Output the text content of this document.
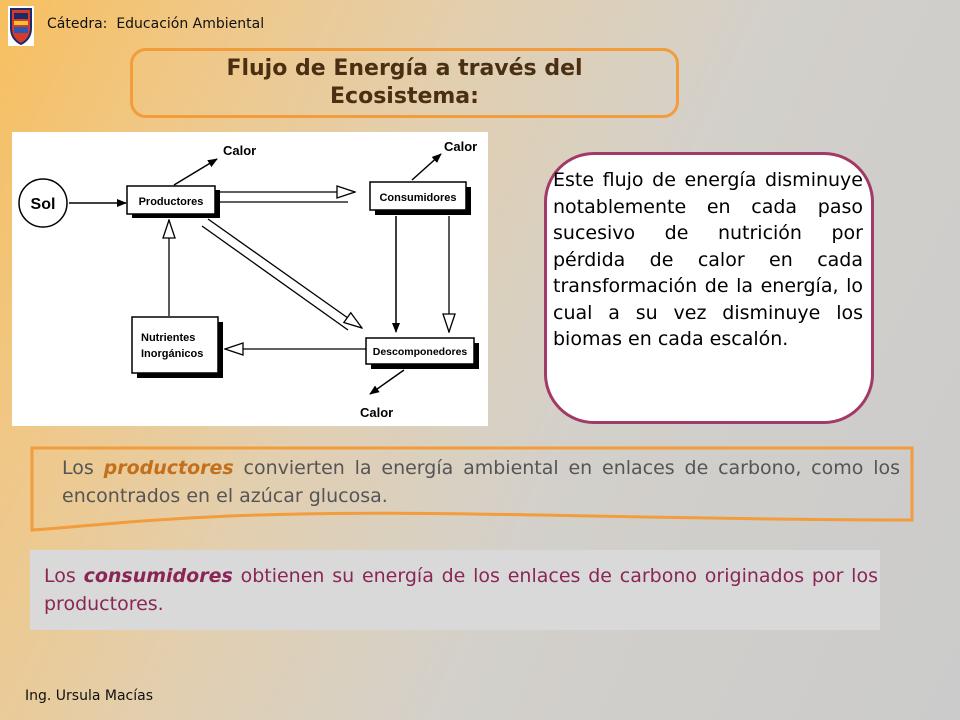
Cátedra: Educación Ambiental
Flujo de Energía a través del Ecosistema:
Sol	Productores	Consumidores
Descomponedores
Nutrientes
Inorgánicos
Calor	Calor
Calor

Este flujo de energía disminuye notablemente en cada paso sucesivo de nutrición por pérdida de calor en cada transformación de la energía, lo cual a su vez disminuye los biomas en cada escalón.

Los productores convierten la energía ambiental en enlaces de carbono, como los encontrados en el azúcar glucosa.

Los consumidores obtienen su energía de los enlaces de carbono originados por los productores.

Ing. Ursula Macías
